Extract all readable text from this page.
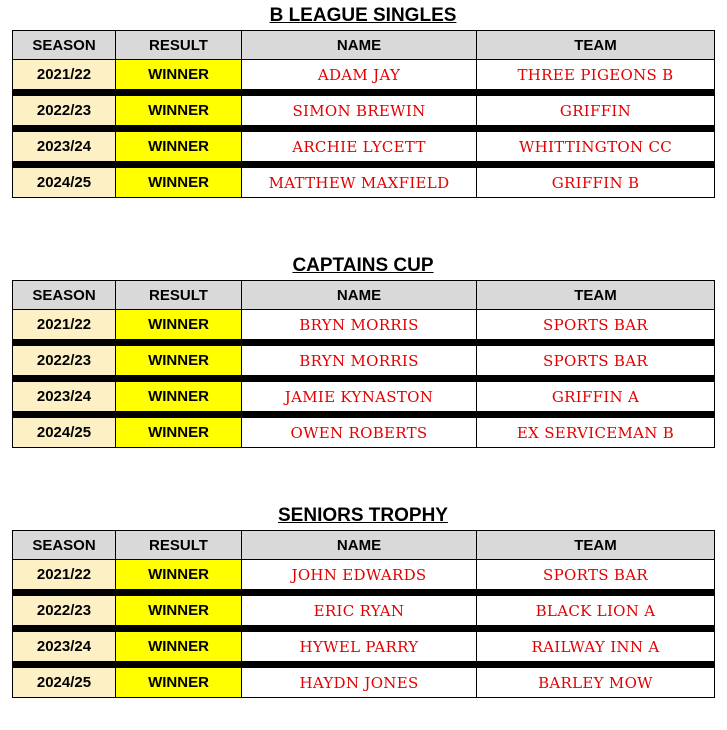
B LEAGUE SINGLES
SEASON	RESULT	NAME	TEAM
2021/22	WINNER	ADAM JAY	THREE PIGEONS B

2022/23	WINNER	SIMON BREWIN	GRIFFIN

2023/24	WINNER	ARCHIE LYCETT	WHITTINGTON CC

2024/25	WINNER	MATTHEW MAXFIELD	GRIFFIN B
CAPTAINS CUP
SEASON	RESULT	NAME	TEAM
2021/22	WINNER	BRYN MORRIS	SPORTS BAR

2022/23	WINNER	BRYN MORRIS	SPORTS BAR

2023/24	WINNER	JAMIE KYNASTON	GRIFFIN A

2024/25	WINNER	OWEN ROBERTS	EX SERVICEMAN B
SENIORS TROPHY
SEASON	RESULT	NAME	TEAM
2021/22	WINNER	JOHN EDWARDS	SPORTS BAR

2022/23	WINNER	ERIC RYAN	BLACK LION A

2023/24	WINNER	HYWEL PARRY	RAILWAY INN A

2024/25	WINNER	HAYDN JONES	BARLEY MOW
